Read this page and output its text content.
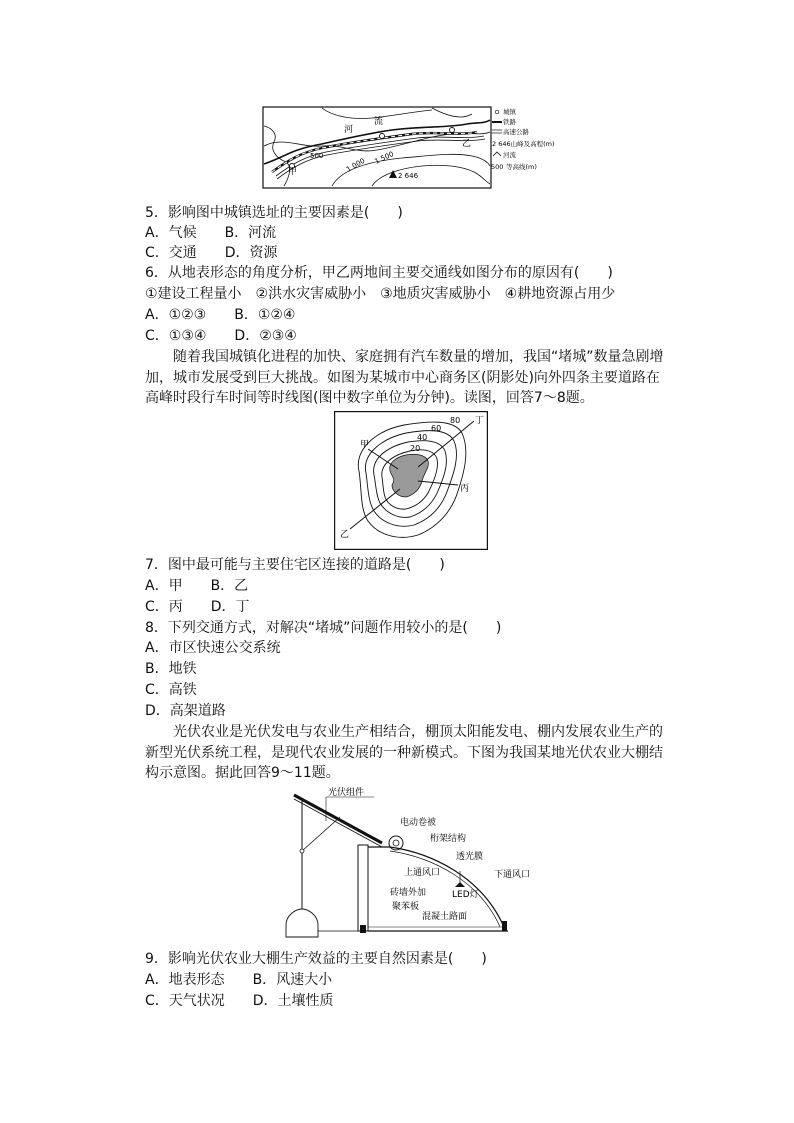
河
流
甲
乙
500
1 000 1 500
2 646
城镇
铁路
高速公路
2 646山峰及高程(m)
河流
500 等高线(m)
5．影响图中城镇选址的主要因素是(　　)
A．气候　　B．河流
C．交通　　D．资源
6．从地表形态的角度分析，甲乙两地间主要交通线如图分布的原因有(　　)
①建设工程量小　②洪水灾害威胁小　③地质灾害威胁小　④耕地资源占用少
A．①②③　　B．①②④
C．①③④　　D．②③④
随着我国城镇化进程的加快、家庭拥有汽车数量的增加，我国“堵城”数量急剧增加，城市发展受到巨大挑战。如图为某城市中心商务区(阴影处)向外四条主要道路在高峰时段行车时间等时线图(图中数字单位为分钟)。读图，回答7～8题。
20
40
60
80
甲
乙
丙
丁
7．图中最可能与主要住宅区连接的道路是(　　)
A．甲　　B．乙
C．丙　　D．丁
8．下列交通方式，对解决“堵城”问题作用较小的是(　　)
A．市区快速公交系统
B．地铁
C．高铁
D．高架道路
光伏农业是光伏发电与农业生产相结合，棚顶太阳能发电、棚内发展农业生产的新型光伏系统工程，是现代农业发展的一种新模式。下图为我国某地光伏农业大棚结构示意图。据此回答9～11题。
光伏组件
电动卷被
桁架结构
透光膜
上通风口	下通风口
LED灯
砖墙外加
聚苯板
混凝土路面
9．影响光伏农业大棚生产效益的主要自然因素是(　　)
A．地表形态　　B．风速大小
C．天气状况　　D．土壤性质
